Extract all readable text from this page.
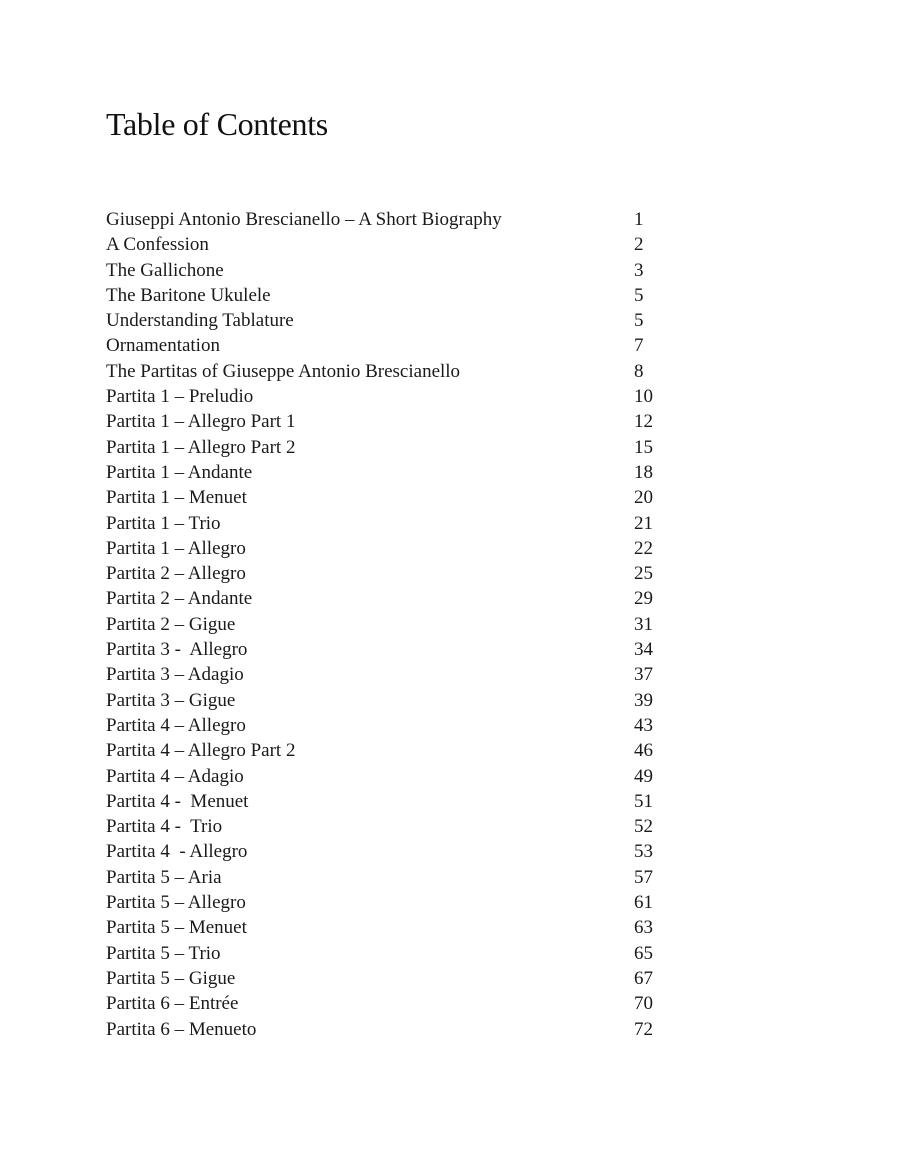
Table of Contents
Giuseppi Antonio Brescianello – A Short Biography	1
A Confession	2
The Gallichone	3
The Baritone Ukulele	5
Understanding Tablature	5
Ornamentation	7
The Partitas of Giuseppe Antonio Brescianello	8
Partita 1 – Preludio	10
Partita 1 – Allegro Part 1	12
Partita 1 – Allegro Part 2	15
Partita 1 – Andante	18
Partita 1 – Menuet	20
Partita 1 – Trio	21
Partita 1 – Allegro	22
Partita 2 – Allegro	25
Partita 2 – Andante	29
Partita 2 – Gigue	31
Partita 3 -  Allegro	34
Partita 3 – Adagio	37
Partita 3 – Gigue	39
Partita 4 – Allegro	43
Partita 4 – Allegro Part 2	46
Partita 4 – Adagio	49
Partita 4 -  Menuet	51
Partita 4 -  Trio	52
Partita 4  - Allegro	53
Partita 5 – Aria	57
Partita 5 – Allegro	61
Partita 5 – Menuet	63
Partita 5 – Trio	65
Partita 5 – Gigue	67
Partita 6 – Entrée	70
Partita 6 – Menueto	72
